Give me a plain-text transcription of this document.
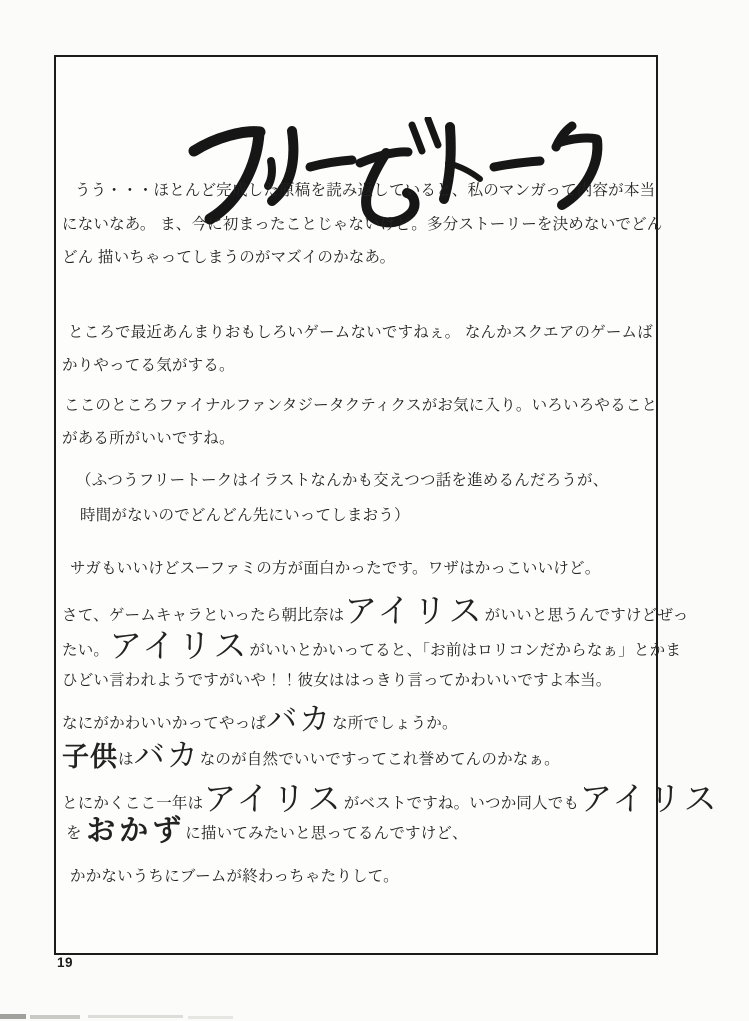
うう・・・ほとんど完成した原稿を読み返していると、私のマンガって内容が本当
にないなあ。 ま、今に初まったことじゃないけど。多分ストーリーを決めないでどん
どん 描いちゃってしまうのがマズイのかなあ。
ところで最近あんまりおもしろいゲームないですねぇ。 なんかスクエアのゲームば
かりやってる気がする。
ここのところファイナルファンタジータクティクスがお気に入り。いろいろやること
がある所がいいですね。
（ふつうフリートークはイラストなんかも交えつつ話を進めるんだろうが、
時間がないのでどんどん先にいってしまおう）
サガもいいけどスーファミの方が面白かったです。ワザはかっこいいけど。
さて、ゲームキャラといったら朝比奈は アイリス がいいと思うんですけどぜっ
たい。 アイリス がいいとかいってると、「お前はロリコンだからなぁ」とかま
ひどい言われようですがいや！！彼女ははっきり言ってかわいいですよ本当。
なにがかわいいかってやっぱ バカ な所でしょうか。
子供 は バカ なのが自然でいいですってこれ誉めてんのかなぁ。
とにかくここ一年は アイリス がベストですね。いつか同人でも アイリス
を おかず に描いてみたいと思ってるんですけど、
かかないうちにブームが終わっちゃたりして。
19
